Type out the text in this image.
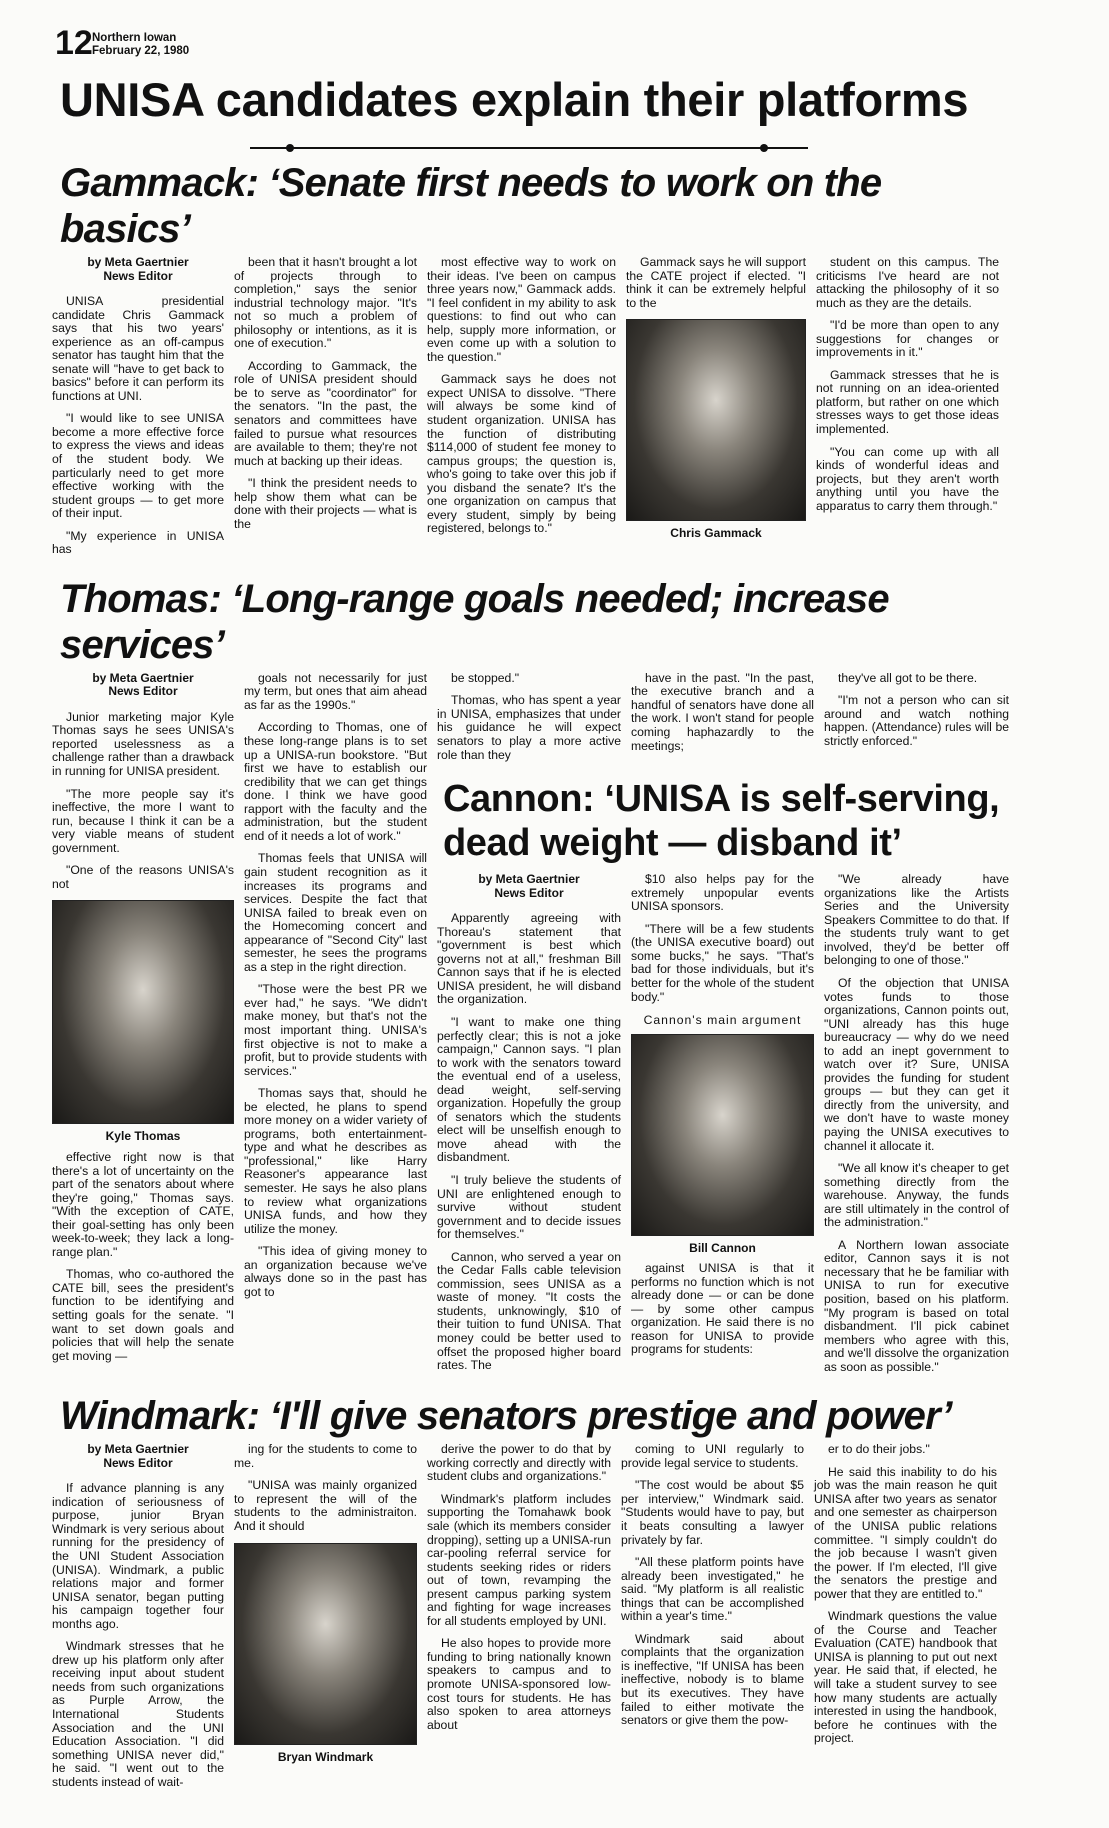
12 Northern Iowan
February 22, 1980
UNISA candidates explain their platforms
Gammack: ‘Senate first needs to work on the basics’
by Meta Gaertnier
News Editor

UNISA presidential candidate Chris Gammack says that his two years' experience as an off-campus senator has taught him that the senate will "have to get back to basics" before it can perform its functions at UNI.

"I would like to see UNISA become a more effective force to express the views and ideas of the student body. We particularly need to get more effective working with the student groups — to get more of their input.

"My experience in UNISA has

been that it hasn't brought a lot of projects through to completion," says the senior industrial technology major. "It's not so much a problem of philosophy or intentions, as it is one of execution."

According to Gammack, the role of UNISA president should be to serve as "coordinator" for the senators. "In the past, the senators and committees have failed to pursue what resources are available to them; they're not much at backing up their ideas.

"I think the president needs to help show them what can be done with their projects — what is the

most effective way to work on their ideas. I've been on campus three years now," Gammack adds. "I feel confident in my ability to ask questions: to find out who can help, supply more information, or even come up with a solution to the question."

Gammack says he does not expect UNISA to dissolve. "There will always be some kind of student organization. UNISA has the function of distributing $114,000 of student fee money to campus groups; the question is, who's going to take over this job if you disband the senate? It's the one organization on campus that every student, simply by being registered, belongs to."

Gammack says he will support the CATE project if elected. "I think it can be extremely helpful to the

Chris Gammack

student on this campus. The criticisms I've heard are not attacking the philosophy of it so much as they are the details.

"I'd be more than open to any suggestions for changes or improvements in it."

Gammack stresses that he is not running on an idea-oriented platform, but rather on one which stresses ways to get those ideas implemented.

"You can come up with all kinds of wonderful ideas and projects, but they aren't worth anything until you have the apparatus to carry them through."

Thomas: ‘Long-range goals needed; increase services’
by Meta Gaertnier
News Editor

Junior marketing major Kyle Thomas says he sees UNISA's reported uselessness as a challenge rather than a drawback in running for UNISA president.

"The more people say it's ineffective, the more I want to run, because I think it can be a very viable means of student government.

"One of the reasons UNISA's not

Kyle Thomas

effective right now is that there's a lot of uncertainty on the part of the senators about where they're going," Thomas says. "With the exception of CATE, their goal-setting has only been week-to-week; they lack a long-range plan."

Thomas, who co-authored the CATE bill, sees the president's function to be identifying and setting goals for the senate. "I want to set down goals and policies that will help the senate get moving —

goals not necessarily for just my term, but ones that aim ahead as far as the 1990s."

According to Thomas, one of these long-range plans is to set up a UNISA-run bookstore. "But first we have to establish our credibility that we can get things done. I think we have good rapport with the faculty and the administration, but the student end of it needs a lot of work."

Thomas feels that UNISA will gain student recognition as it increases its programs and services. Despite the fact that UNISA failed to break even on the Homecoming concert and appearance of "Second City" last semester, he sees the programs as a step in the right direction.

"Those were the best PR we ever had," he says. "We didn't make money, but that's not the most important thing. UNISA's first objective is not to make a profit, but to provide students with services."

Thomas says that, should he be elected, he plans to spend more money on a wider variety of programs, both entertainment-type and what he describes as "professional," like Harry Reasoner's appearance last semester. He says he also plans to review what organizations UNISA funds, and how they utilize the money.

"This idea of giving money to an organization because we've always done so in the past has got to

be stopped."

Thomas, who has spent a year in UNISA, emphasizes that under his guidance he will expect senators to play a more active role than they

have in the past. "In the past, the executive branch and a handful of senators have done all the work. I won't stand for people coming haphazardly to the meetings;

they've all got to be there.

"I'm not a person who can sit around and watch nothing happen. (Attendance) rules will be strictly enforced."

Cannon: ‘UNISA is self-serving, dead weight — disband it’
by Meta Gaertnier
News Editor

Apparently agreeing with Thoreau's statement that "government is best which governs not at all," freshman Bill Cannon says that if he is elected UNISA president, he will disband the organization.

"I want to make one thing perfectly clear; this is not a joke campaign," Cannon says. "I plan to work with the senators toward the eventual end of a useless, dead weight, self-serving organization. Hopefully the group of senators which the students elect will be unselfish enough to move ahead with the disbandment.

"I truly believe the students of UNI are enlightened enough to survive without student government and to decide issues for themselves."

Cannon, who served a year on the Cedar Falls cable television commission, sees UNISA as a waste of money. "It costs the students, unknowingly, $10 of their tuition to fund UNISA. That money could be better used to offset the proposed higher board rates. The

$10 also helps pay for the extremely unpopular events UNISA sponsors.

"There will be a few students (the UNISA executive board) out some bucks," he says. "That's bad for those individuals, but it's better for the whole of the student body."

Cannon's main argument
Bill Cannon

against UNISA is that it performs no function which is not already done — or can be done — by some other campus organization. He said there is no reason for UNISA to provide programs for students:

"We already have organizations like the Artists Series and the University Speakers Committee to do that. If the students truly want to get involved, they'd be better off belonging to one of those."

Of the objection that UNISA votes funds to those organizations, Cannon points out, "UNI already has this huge bureaucracy — why do we need to add an inept government to watch over it? Sure, UNISA provides the funding for student groups — but they can get it directly from the university, and we don't have to waste money paying the UNISA executives to channel it allocate it.

"We all know it's cheaper to get something directly from the warehouse. Anyway, the funds are still ultimately in the control of the administration."

A Northern Iowan associate editor, Cannon says it is not necessary that he be familiar with UNISA to run for executive position, based on his platform. "My program is based on total disbandment. I'll pick cabinet members who agree with this, and we'll dissolve the organization as soon as possible."

Windmark: ‘I'll give senators prestige and power’
by Meta Gaertnier
News Editor

If advance planning is any indication of seriousness of purpose, junior Bryan Windmark is very serious about running for the presidency of the UNI Student Association (UNISA). Windmark, a public relations major and former UNISA senator, began putting his campaign together four months ago.

Windmark stresses that he drew up his platform only after receiving input about student needs from such organizations as Purple Arrow, the International Students Association and the UNI Education Association. "I did something UNISA never did," he said. "I went out to the students instead of wait-

ing for the students to come to me.

"UNISA was mainly organized to represent the will of the students to the administraiton. And it should

Bryan Windmark

derive the power to do that by working correctly and directly with student clubs and organizations."

Windmark's platform includes supporting the Tomahawk book sale (which its members consider dropping), setting up a UNISA-run car-pooling referral service for students seeking rides or riders out of town, revamping the present campus parking system and fighting for wage increases for all students employed by UNI.

He also hopes to provide more funding to bring nationally known speakers to campus and to promote UNISA-sponsored low-cost tours for students. He has also spoken to area attorneys about

coming to UNI regularly to provide legal service to students.

"The cost would be about $5 per interview," Windmark said. "Students would have to pay, but it beats consulting a lawyer privately by far.

"All these platform points have already been investigated," he said. "My platform is all realistic things that can be accomplished within a year's time."

Windmark said about complaints that the organization is ineffective, "If UNISA has been ineffective, nobody is to blame but its executives. They have failed to either motivate the senators or give them the pow-

er to do their jobs."

He said this inability to do his job was the main reason he quit UNISA after two years as senator and one semester as chairperson of the UNISA public relations committee. "I simply couldn't do the job because I wasn't given the power. If I'm elected, I'll give the senators the prestige and power that they are entitled to."

Windmark questions the value of the Course and Teacher Evaluation (CATE) handbook that UNISA is planning to put out next year. He said that, if elected, he will take a student survey to see how many students are actually interested in using the handbook, before he continues with the project.
